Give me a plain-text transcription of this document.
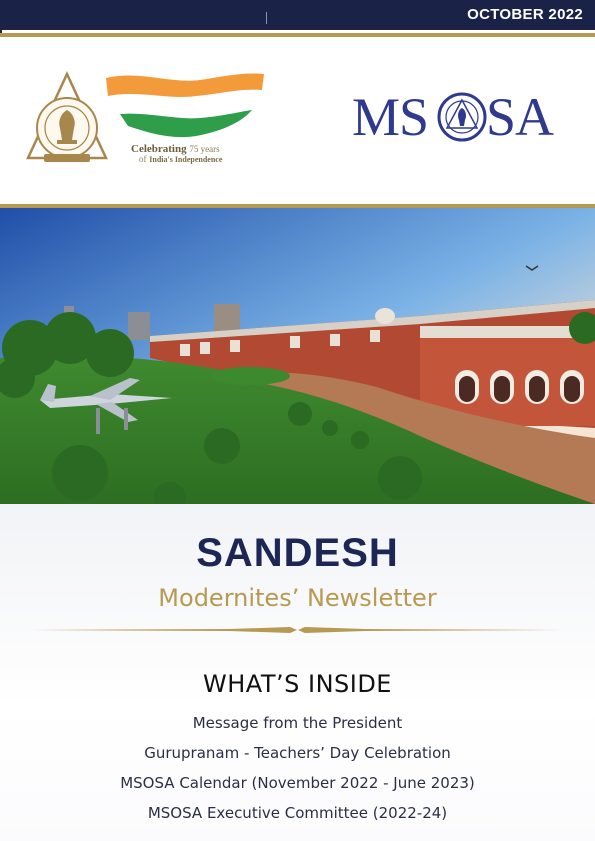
OCTOBER 2022
Celebrating 75 years
of India's Independence
MS SA
SANDESH
Modernites’ Newsletter
WHAT’S INSIDE
Message from the President
Gurupranam - Teachers’ Day Celebration
MSOSA Calendar (November 2022 - June 2023)
MSOSA Executive Committee (2022-24)
